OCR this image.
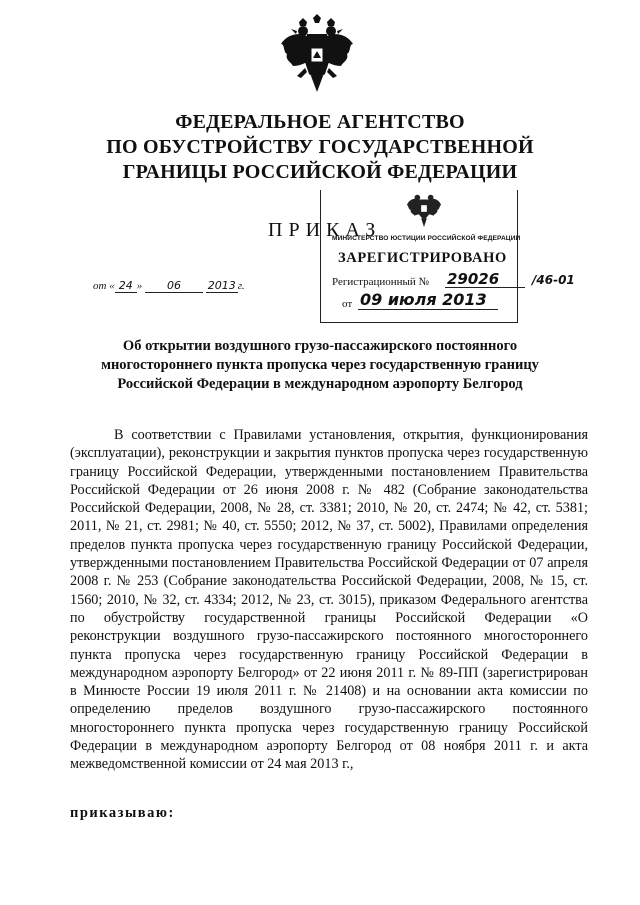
ФЕДЕРАЛЬНОЕ АГЕНТСТВО
ПО ОБУСТРОЙСТВУ ГОСУДАРСТВЕННОЙ
ГРАНИЦЫ РОССИЙСКОЙ ФЕДЕРАЦИИ
ПРИКАЗ
от « 24 » 06 2013 г.
МИНИСТЕРСТВО ЮСТИЦИИ РОССИЙСКОЙ ФЕДЕРАЦИИ
ЗАРЕГИСТРИРОВАНО
Регистрационный № 29026	/46-01
от 09 июля 2013
Об открытии воздушного грузо-пассажирского постоянного
многостороннего пункта пропуска через государственную границу
Российской Федерации в международном аэропорту Белгород

В соответствии с Правилами установления, открытия, функционирования (эксплуатации), реконструкции и закрытия пунктов пропуска через государственную границу Российской Федерации, утвержденными постановлением Правительства Российской Федерации от 26 июня 2008 г. № 482 (Собрание законодательства Российской Федерации, 2008, № 28, ст. 3381; 2010, № 20, ст. 2474; № 42, ст. 5381; 2011, № 21, ст. 2981; № 40, ст. 5550; 2012, № 37, ст. 5002), Правилами определения пределов пункта пропуска через государственную границу Российской Федерации, утвержденными постановлением Правительства Российской Федерации от 07 апреля 2008 г. № 253 (Собрание законодательства Российской Федерации, 2008, № 15, ст. 1560; 2010, № 32, ст. 4334; 2012, № 23, ст. 3015), приказом Федерального агентства по обустройству государственной границы Российской Федерации «О реконструкции воздушного грузо-пассажирского постоянного многостороннего пункта пропуска через государственную границу Российской Федерации в международном аэропорту Белгород» от 22 июня 2011 г. № 89-ПП (зарегистрирован в Минюсте России 19 июля 2011 г. № 21408) и на основании акта комиссии по определению пределов воздушного грузо-пассажирского постоянного многостороннего пункта пропуска через государственную границу Российской Федерации в международном аэропорту Белгород от 08 ноября 2011 г. и акта межведомственной комиссии от 24 мая 2013 г.,

приказываю:
